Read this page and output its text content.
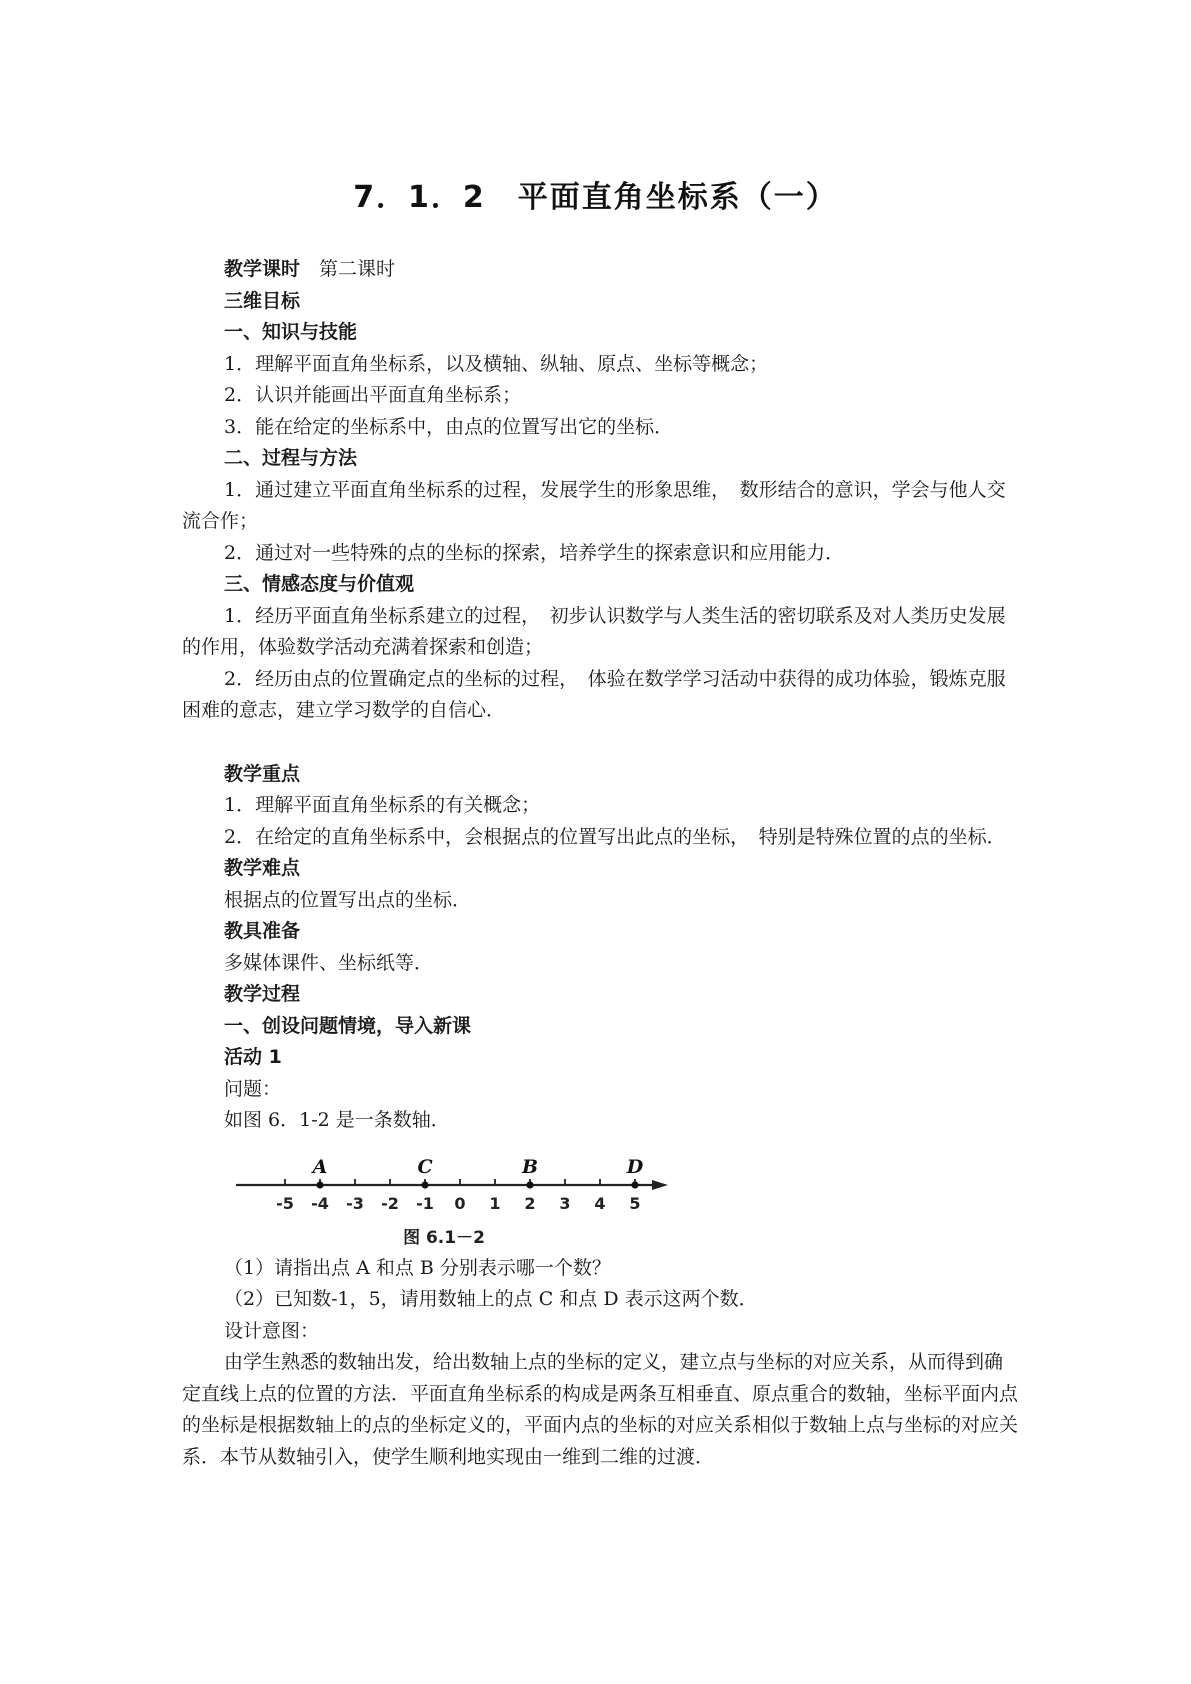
7．1．2　平面直角坐标系（一）

教学课时　 第二课时

三维目标

一、知识与技能

1．理解平面直角坐标系，以及横轴、纵轴、原点、坐标等概念；

2．认识并能画出平面直角坐标系；

3．能在给定的坐标系中，由点的位置写出它的坐标．

二、过程与方法

1．通过建立平面直角坐标系的过程，发展学生的形象思维，　数形结合的意识，学会与他人交流合作；

2．通过对一些特殊的点的坐标的探索，培养学生的探索意识和应用能力．

三、情感态度与价值观

1．经历平面直角坐标系建立的过程，　初步认识数学与人类生活的密切联系及对人类历史发展的作用，体验数学活动充满着探索和创造；

2．经历由点的位置确定点的坐标的过程，　体验在数学学习活动中获得的成功体验，锻炼克服困难的意志，建立学习数学的自信心．

教学重点

1．理解平面直角坐标系的有关概念；

2．在给定的直角坐标系中，会根据点的位置写出此点的坐标，　特别是特殊位置的点的坐标．

教学难点

根据点的位置写出点的坐标．

教具准备

多媒体课件、坐标纸等．

教学过程

一、创设问题情境，导入新课

活动 1

问题：

如图 6．1-2 是一条数轴．

-5 -4 -3 -2 -1 0 1 2 3 4 5
A	C	B	D
图 6.1－2

（1）请指出点 A 和点 B 分别表示哪一个数？

（2）已知数-1，5，请用数轴上的点 C 和点 D 表示这两个数．

设计意图：

由学生熟悉的数轴出发，给出数轴上点的坐标的定义，建立点与坐标的对应关系，从而得到确定直线上点的位置的方法．平面直角坐标系的构成是两条互相垂直、原点重合的数轴，坐标平面内点的坐标是根据数轴上的点的坐标定义的，平面内点的坐标的对应关系相似于数轴上点与坐标的对应关系．本节从数轴引入，使学生顺利地实现由一维到二维的过渡．
